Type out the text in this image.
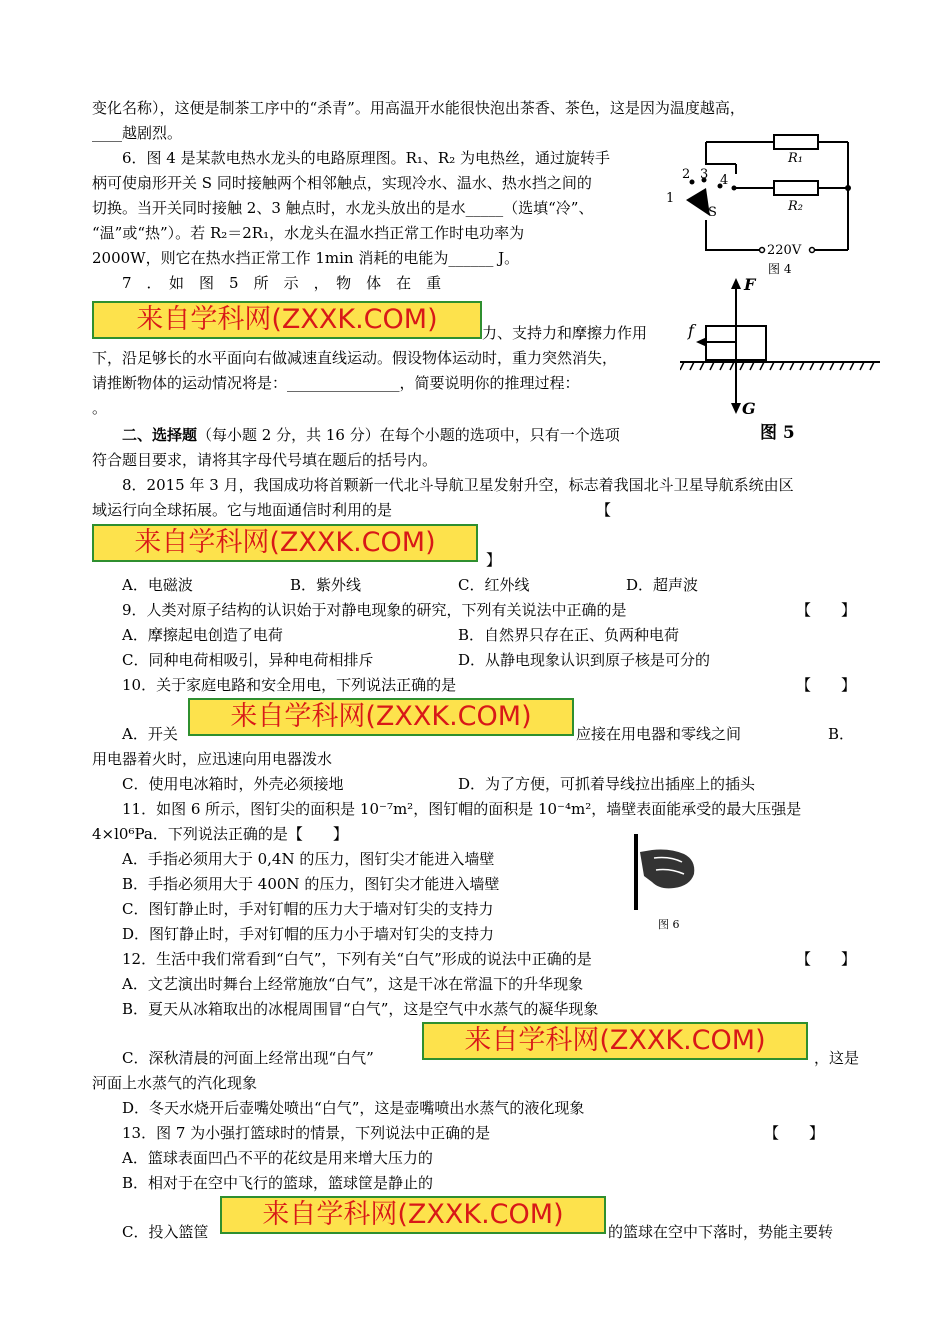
变化名称），这便是制茶工序中的“杀青”。用高温开水能很快泡出茶香、茶色，这是因为温度越高，
____越剧烈。
6．图 4 是某款电热水龙头的电路原理图。R₁、R₂ 为电热丝，通过旋转手
柄可使扇形开关 S 同时接触两个相邻触点，实现冷水、温水、热水挡之间的
切换。当开关同时接触 2、3 触点时，水龙头放出的是水_____（选填“冷”、
“温”或“热”）。若 R₂＝2R₁，水龙头在温水挡正常工作时电功率为
2000W，则它在热水挡正常工作 1min 消耗的电能为______ J。
R₁
R₂
1
2 3 4
S
220V
图 4
7　．　如　图　5　所　示　，　物　体　在　重
来自学科网(ZXXK.COM)	力、支持力和摩擦力作用
下，沿足够长的水平面向右做减速直线运动。假设物体运动时，重力突然消失，
请推断物体的运动情况将是：_______________，简要说明你的推理过程：
。
F
f
G
图 5
二、选择题（每小题 2 分，共 16 分）在每个小题的选项中，只有一个选项
符合题目要求，请将其字母代号填在题后的括号内。
8．2015 年 3 月，我国成功将首颗新一代北斗导航卫星发射升空，标志着我国北斗卫星导航系统由区
域运行向全球拓展。它与地面通信时利用的是	【
来自学科网(ZXXK.COM)
】
A．电磁波	B．紫外线	C．红外线	D．超声波
9．人类对原子结构的认识始于对静电现象的研究，下列有关说法中正确的是	【　　】
A．摩擦起电创造了电荷	B．自然界只存在正、负两种电荷
C．同种电荷相吸引，异种电荷相排斥	D．从静电现象认识到原子核是可分的
10．关于家庭电路和安全用电，下列说法正确的是	【　　】
A．开关
来自学科网(ZXXK.COM)
应接在用电器和零线之间	B．
用电器着火时，应迅速向用电器泼水
C．使用电冰箱时，外壳必须接地	D．为了方便，可抓着导线拉出插座上的插头
11．如图 6 所示，图钉尖的面积是 10⁻⁷m²，图钉帽的面积是 10⁻⁴m²，墙壁表面能承受的最大压强是
4×l0⁶Pa．下列说法正确的是【　　】
A．手指必须用大于 0,4N 的压力，图钉尖才能进入墙壁
B．手指必须用大于 400N 的压力，图钉尖才能进入墙壁
C．图钉静止时，手对钉帽的压力大于墙对钉尖的支持力
D．图钉静止时，手对钉帽的压力小于墙对钉尖的支持力
图 6
12．生活中我们常看到“白气”，下列有关“白气”形成的说法中正确的是	【　　】
A．文艺演出时舞台上经常施放“白气”，这是干冰在常温下的升华现象
B．夏天从冰箱取出的冰棍周围冒“白气”，这是空气中水蒸气的凝华现象
C．深秋清晨的河面上经常出现“白气”
来自学科网(ZXXK.COM)
，这是
河面上水蒸气的汽化现象
D．冬天水烧开后壶嘴处喷出“白气”，这是壶嘴喷出水蒸气的液化现象
13．图 7 为小强打篮球时的情景，下列说法中正确的是	【　　】
A．篮球表面凹凸不平的花纹是用来增大压力的
B．相对于在空中飞行的篮球，篮球筐是静止的
C．投入篮筐
来自学科网(ZXXK.COM)
的篮球在空中下落时，势能主要转
